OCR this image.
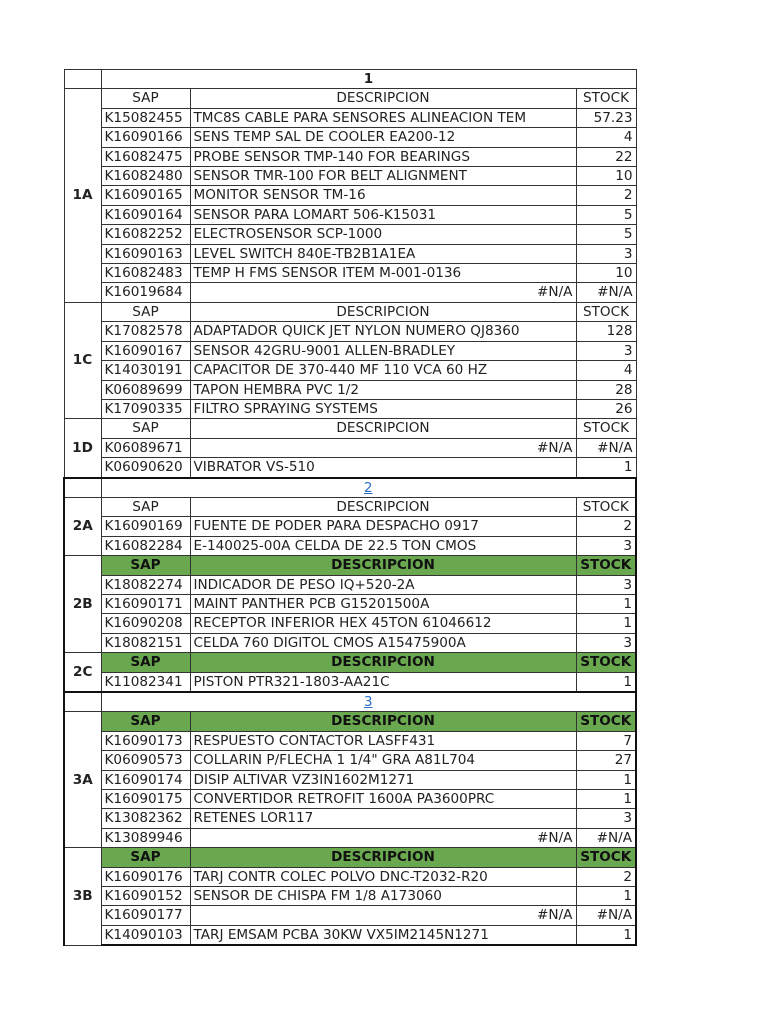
	1		
1A	SAP	DESCRIPCION	STOCK
	K15082455	TMC8S CABLE PARA SENSORES ALINEACION TEM	57.23
	K16090166	SENS TEMP SAL DE COOLER EA200-12	4
	K16082475	PROBE SENSOR TMP-140 FOR BEARINGS	22
	K16082480	SENSOR TMR-100 FOR BELT ALIGNMENT	10
	K16090165	MONITOR SENSOR TM-16	2
	K16090164	SENSOR PARA LOMART 506-K15031	5
	K16082252	ELECTROSENSOR SCP-1000	5
	K16090163	LEVEL SWITCH 840E-TB2B1A1EA	3
	K16082483	TEMP H FMS SENSOR ITEM M-001-0136	10
	K16019684	#N/A	#N/A
1C	SAP	DESCRIPCION	STOCK
	K17082578	ADAPTADOR QUICK JET NYLON NUMERO QJ8360	128
	K16090167	SENSOR 42GRU-9001 ALLEN-BRADLEY	3
	K14030191	CAPACITOR DE 370-440 MF 110 VCA 60 HZ	4
	K06089699	TAPON HEMBRA PVC 1/2	28
	K17090335	FILTRO SPRAYING SYSTEMS	26
1D	SAP	DESCRIPCION	STOCK
	K06089671	#N/A	#N/A
	K06090620	VIBRATOR VS-510	1
	2		
2A	SAP	DESCRIPCION	STOCK
	K16090169	FUENTE DE PODER PARA DESPACHO 0917	2
	K16082284	E-140025-00A CELDA DE 22.5 TON CMOS	3
2B	SAP	DESCRIPCION	STOCK
	K18082274	INDICADOR DE PESO IQ+520-2A	3
	K16090171	MAINT PANTHER PCB G15201500A	1
	K16090208	RECEPTOR INFERIOR HEX 45TON 61046612	1
	K18082151	CELDA 760 DIGITOL CMOS A15475900A	3
2C	SAP	DESCRIPCION	STOCK
	K11082341	PISTON PTR321-1803-AA21C	1
	3		
3A	SAP	DESCRIPCION	STOCK
	K16090173	RESPUESTO CONTACTOR LASFF431	7
	K06090573	COLLARIN P/FLECHA 1 1/4" GRA A81L704	27
	K16090174	DISIP ALTIVAR VZ3IN1602M1271	1
	K16090175	CONVERTIDOR RETROFIT 1600A PA3600PRC	1
	K13082362	RETENES LOR117	3
	K13089946	#N/A	#N/A
3B	SAP	DESCRIPCION	STOCK
	K16090176	TARJ CONTR COLEC POLVO DNC-T2032-R20	2
	K16090152	SENSOR DE CHISPA FM 1/8 A173060	1
	K16090177	#N/A	#N/A
	K14090103	TARJ EMSAM PCBA 30KW VX5IM2145N1271	1
